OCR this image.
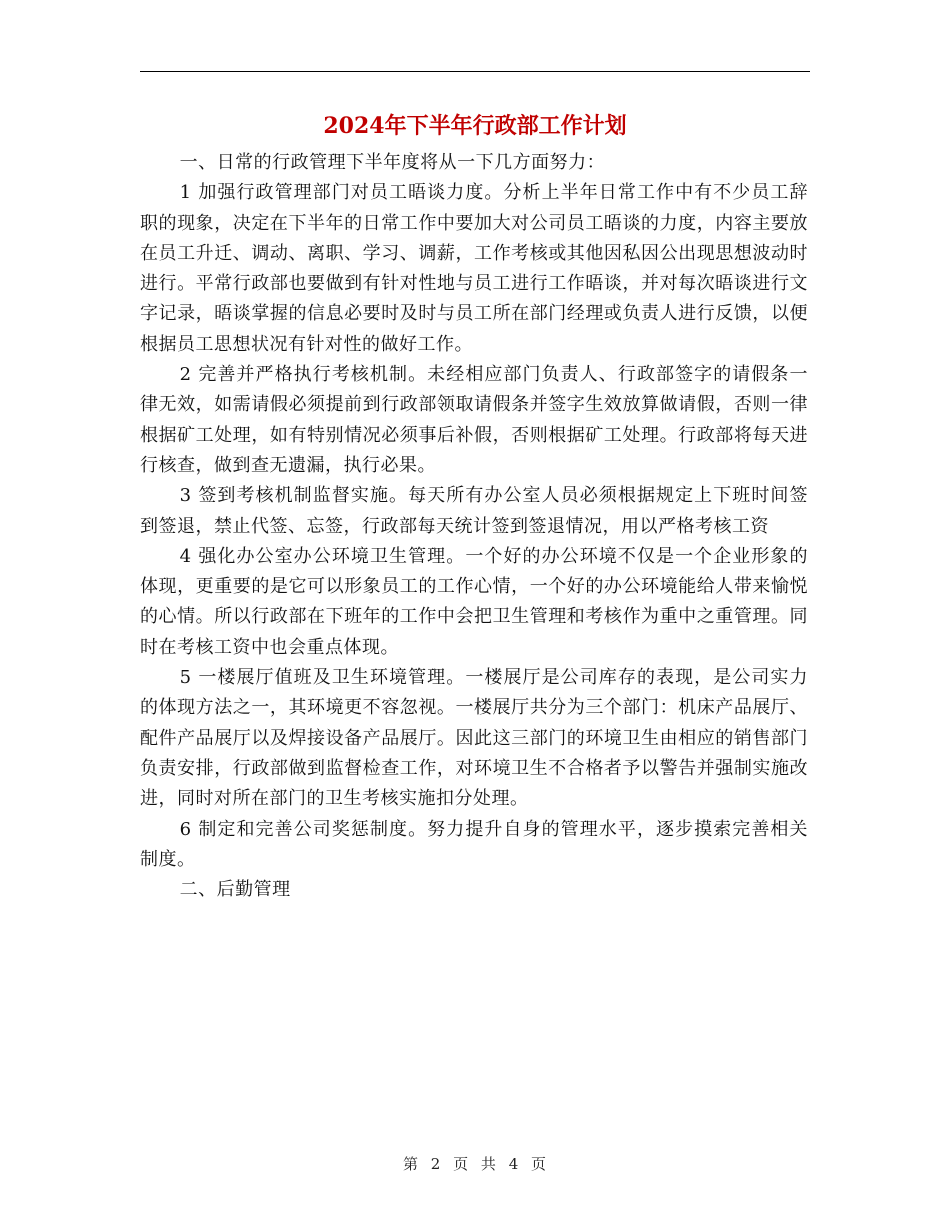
2024年下半年行政部工作计划

一、日常的行政管理下半年度将从一下几方面努力：

1 加强行政管理部门对员工晤谈力度。分析上半年日常工作中有不少员工辞职的现象，决定在下半年的日常工作中要加大对公司员工晤谈的力度，内容主要放在员工升迁、调动、离职、学习、调薪，工作考核或其他因私因公出现思想波动时进行。平常行政部也要做到有针对性地与员工进行工作晤谈，并对每次晤谈进行文字记录，晤谈掌握的信息必要时及时与员工所在部门经理或负责人进行反馈，以便根据员工思想状况有针对性的做好工作。

2 完善并严格执行考核机制。未经相应部门负责人、行政部签字的请假条一律无效，如需请假必须提前到行政部领取请假条并签字生效放算做请假，否则一律根据矿工处理，如有特别情况必须事后补假，否则根据矿工处理。行政部将每天进行核查，做到查无遗漏，执行必果。

3 签到考核机制监督实施。每天所有办公室人员必须根据规定上下班时间签到签退，禁止代签、忘签，行政部每天统计签到签退情况，用以严格考核工资

4 强化办公室办公环境卫生管理。一个好的办公环境不仅是一个企业形象的体现，更重要的是它可以形象员工的工作心情，一个好的办公环境能给人带来愉悦的心情。所以行政部在下班年的工作中会把卫生管理和考核作为重中之重管理。同时在考核工资中也会重点体现。

5 一楼展厅值班及卫生环境管理。一楼展厅是公司库存的表现，是公司实力的体现方法之一，其环境更不容忽视。一楼展厅共分为三个部门：机床产品展厅、配件产品展厅以及焊接设备产品展厅。因此这三部门的环境卫生由相应的销售部门负责安排，行政部做到监督检查工作，对环境卫生不合格者予以警告并强制实施改进，同时对所在部门的卫生考核实施扣分处理。

6 制定和完善公司奖惩制度。努力提升自身的管理水平，逐步摸索完善相关制度。

二、后勤管理

第 2 页 共 4 页
